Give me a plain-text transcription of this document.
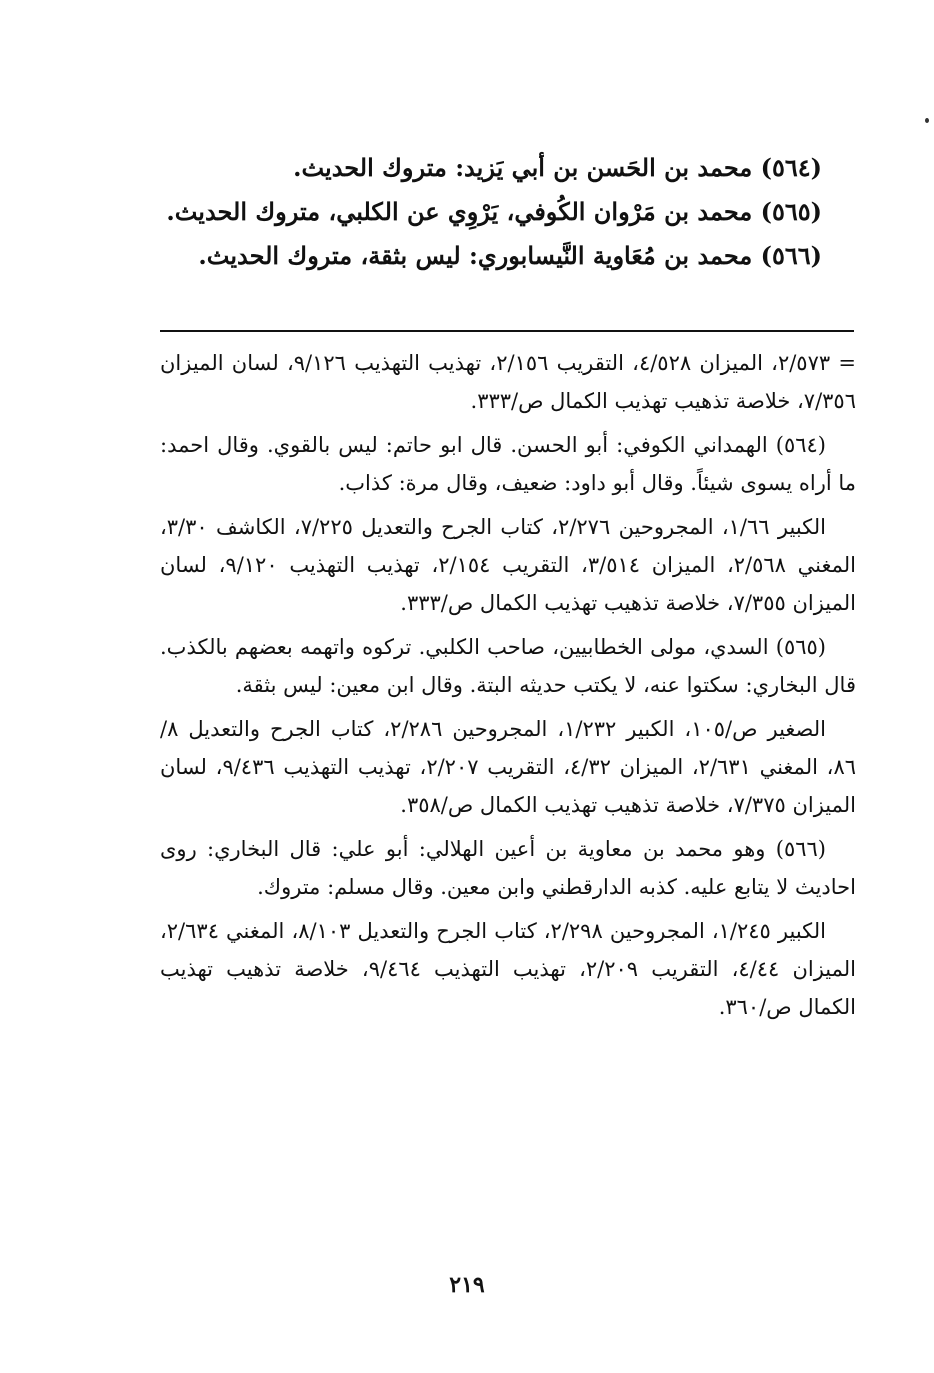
(٥٦٤) محمد بن الحَسن بن أبي يَزيد: متروك الحديث.
(٥٦٥) محمد بن مَرْوان الكُوفي، يَرْوِي عن الكلبي، متروك الحديث.
(٥٦٦) محمد بن مُعَاوية النَّيسابوري: ليس بثقة، متروك الحديث.

= ٢/٥٧٣، الميزان ٤/٥٢٨، التقريب ٢/١٥٦، تهذيب التهذيب ٩/١٢٦، لسان الميزان ٧/٣٥٦، خلاصة تذهيب تهذيب الكمال ص/٣٣٣.

(٥٦٤) الهمداني الكوفي: أبو الحسن. قال ابو حاتم: ليس بالقوي. وقال احمد: ما أراه يسوى شيئاً. وقال أبو داود: ضعيف، وقال مرة: كذاب.

الكبير ١/٦٦، المجروحين ٢/٢٧٦، كتاب الجرح والتعديل ٧/٢٢٥، الكاشف ٣/٣٠، المغني ٢/٥٦٨، الميزان ٣/٥١٤، التقريب ٢/١٥٤، تهذيب التهذيب ٩/١٢٠، لسان الميزان ٧/٣٥٥، خلاصة تذهيب تهذيب الكمال ص/٣٣٣.

(٥٦٥) السدي، مولى الخطابيين، صاحب الكلبي. تركوه واتهمه بعضهم بالكذب. قال البخاري: سكتوا عنه، لا يكتب حديثه البتة. وقال ابن معين: ليس بثقة.

الصغير ص/١٠٥، الكبير ١/٢٣٢، المجروحين ٢/٢٨٦، كتاب الجرح والتعديل ٨/ ٨٦، المغني ٢/٦٣١، الميزان ٤/٣٢، التقريب ٢/٢٠٧، تهذيب التهذيب ٩/٤٣٦، لسان الميزان ٧/٣٧٥، خلاصة تذهيب تهذيب الكمال ص/٣٥٨.

(٥٦٦) وهو محمد بن معاوية بن أعين الهلالي: أبو علي: قال البخاري: روى احاديث لا يتابع عليه. كذبه الدارقطني وابن معين. وقال مسلم: متروك.

الكبير ١/٢٤٥، المجروحين ٢/٢٩٨، كتاب الجرح والتعديل ٨/١٠٣، المغني ٢/٦٣٤، الميزان ٤/٤٤، التقريب ٢/٢٠٩، تهذيب التهذيب ٩/٤٦٤، خلاصة تذهيب تهذيب الكمال ص/٣٦٠.

٢١٩
